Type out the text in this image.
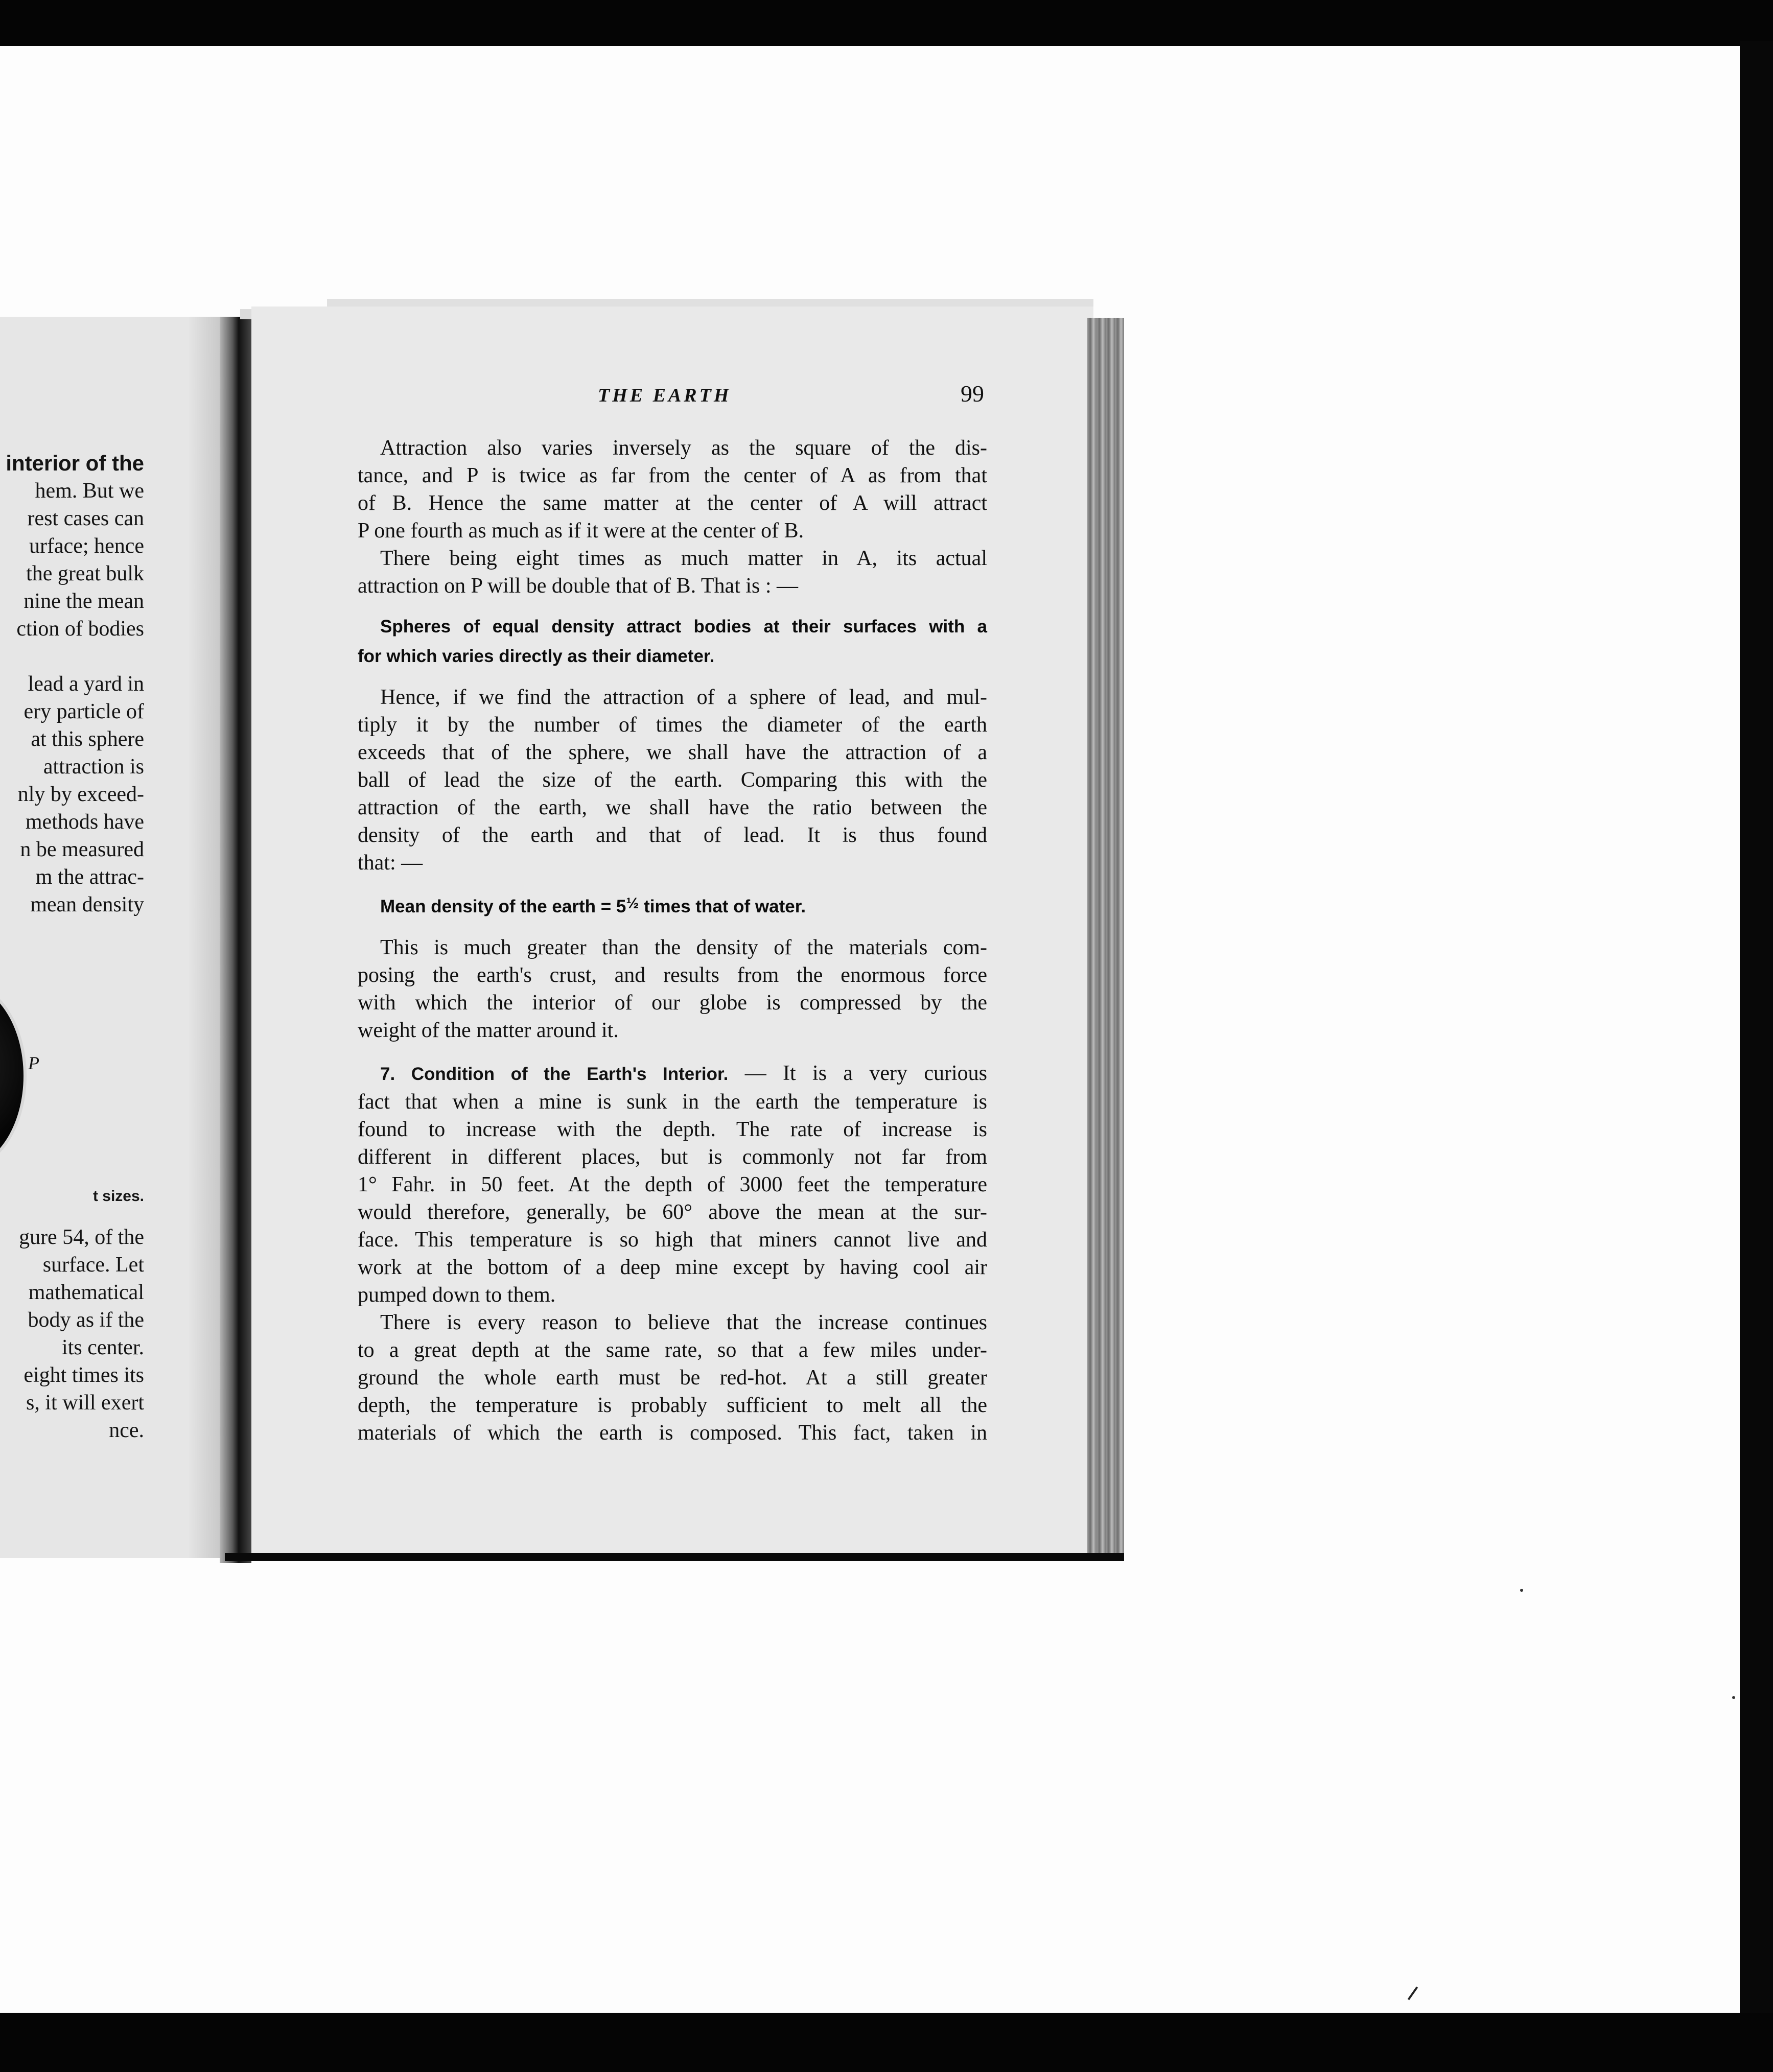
P
interior of the
hem. But we
rest cases can
urface; hence
the great bulk
nine the mean
ction of bodies
lead a yard in
ery particle of
at this sphere
attraction is
nly by exceed-
methods have
n be measured
m the attrac-
mean density
t sizes.
gure 54, of the
surface. Let
mathematical
body as if the
its center.
eight times its
s, it will exert
nce.
THE EARTH	99
Attraction also varies inversely as the square of the dis-
tance, and P is twice as far from the center of A as from that
of B. Hence the same matter at the center of A will attract
P one fourth as much as if it were at the center of B.
There being eight times as much matter in A, its actual
attraction on P will be double that of B. That is : —
Spheres of equal density attract bodies at their surfaces with a
for which varies directly as their diameter.
Hence, if we find the attraction of a sphere of lead, and mul-
tiply it by the number of times the diameter of the earth
exceeds that of the sphere, we shall have the attraction of a
ball of lead the size of the earth. Comparing this with the
attraction of the earth, we shall have the ratio between the
density of the earth and that of lead. It is thus found
that: —
Mean density of the earth = 5½ times that of water.
This is much greater than the density of the materials com-
posing the earth's crust, and results from the enormous force
with which the interior of our globe is compressed by the
weight of the matter around it.
7. Condition of the Earth's Interior. — It is a very curious
fact that when a mine is sunk in the earth the temperature is
found to increase with the depth. The rate of increase is
different in different places, but is commonly not far from
1° Fahr. in 50 feet. At the depth of 3000 feet the temperature
would therefore, generally, be 60° above the mean at the sur-
face. This temperature is so high that miners cannot live and
work at the bottom of a deep mine except by having cool air
pumped down to them.
There is every reason to believe that the increase continues
to a great depth at the same rate, so that a few miles under-
ground the whole earth must be red-hot. At a still greater
depth, the temperature is probably sufficient to melt all the
materials of which the earth is composed. This fact, taken in
